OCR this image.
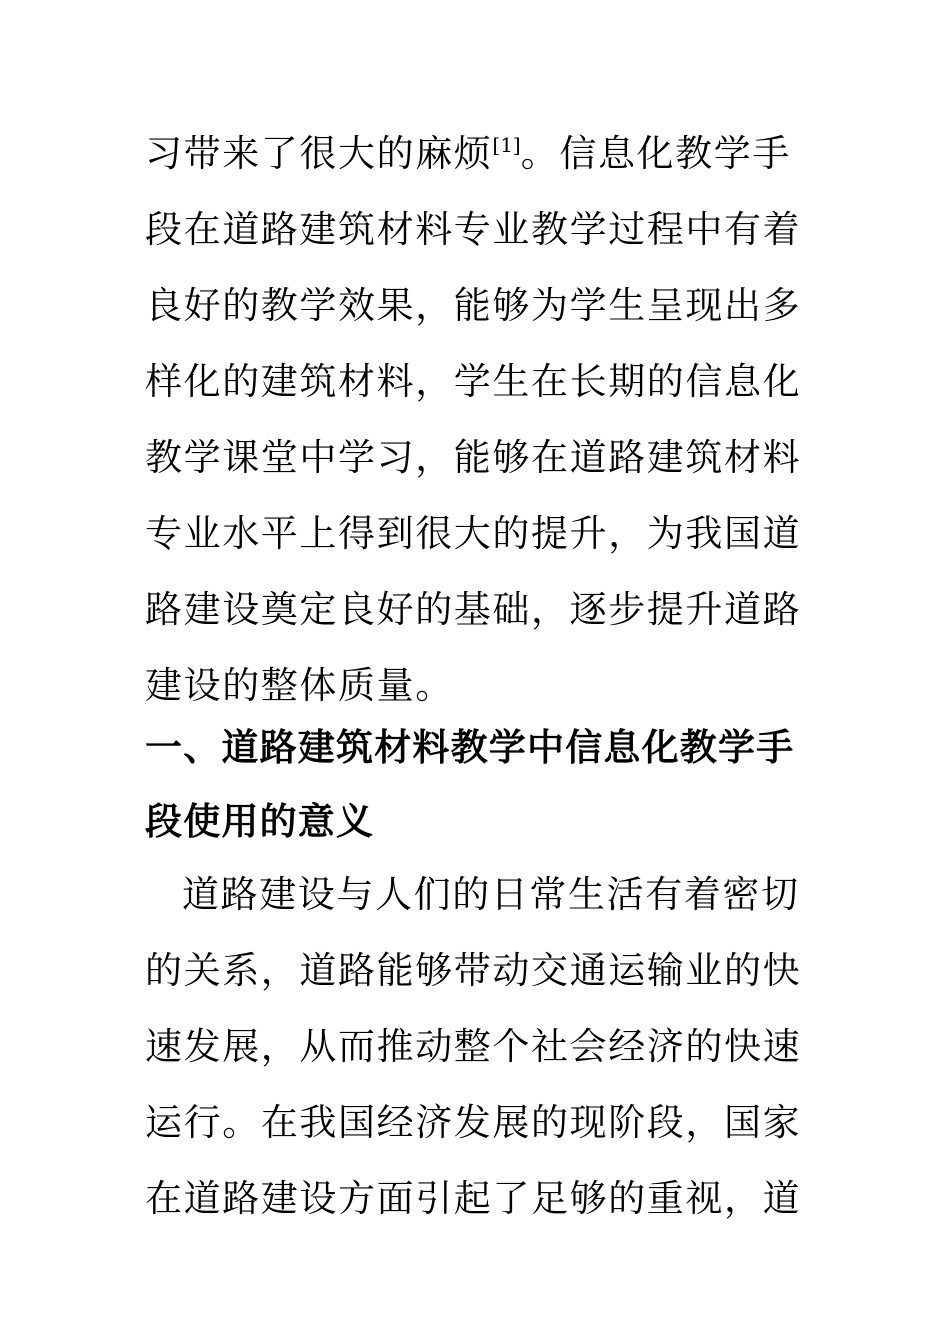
习带来了很大的麻烦[1]。信息化教学手
段在道路建筑材料专业教学过程中有着
良好的教学效果，能够为学生呈现出多
样化的建筑材料，学生在长期的信息化
教学课堂中学习，能够在道路建筑材料
专业水平上得到很大的提升，为我国道
路建设奠定良好的基础，逐步提升道路
建设的整体质量。
一、道路建筑材料教学中信息化教学手
段使用的意义
道路建设与人们的日常生活有着密切
的关系，道路能够带动交通运输业的快
速发展，从而推动整个社会经济的快速
运行。在我国经济发展的现阶段，国家
在道路建设方面引起了足够的重视，道
